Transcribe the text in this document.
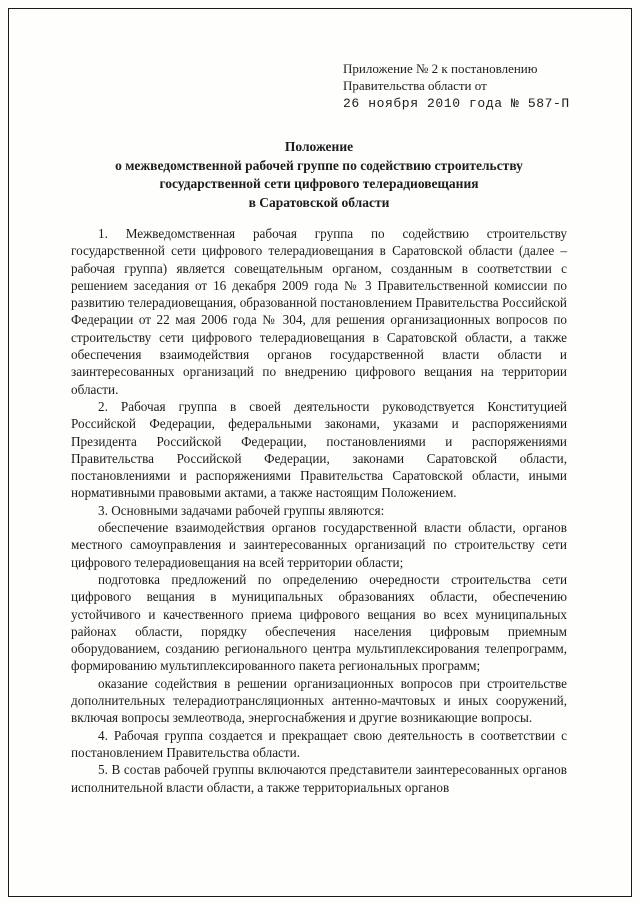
Приложение № 2 к постановлению
Правительства области от
26 ноября 2010 года № 587-П
Положение
о межведомственной рабочей группе по содействию строительству
государственной сети цифрового телерадиовещания
в Саратовской области

1. Межведомственная рабочая группа по содействию строительству государственной сети цифрового телерадиовещания в Саратовской области (далее – рабочая группа) является совещательным органом, созданным в соответствии с решением заседания от 16 декабря 2009 года № 3 Правительственной комиссии по развитию телерадиовещания, образованной постановлением Правительства Российской Федерации от 22 мая 2006 года № 304, для решения организационных вопросов по строительству сети цифрового телерадиовещания в Саратовской области, а также обеспечения взаимодействия органов государственной власти области и заинтересованных организаций по внедрению цифрового вещания на территории области.

2. Рабочая группа в своей деятельности руководствуется Конституцией Российской Федерации, федеральными законами, указами и распоряжениями Президента Российской Федерации, постановлениями и распоряжениями Правительства Российской Федерации, законами Саратовской области, постановлениями и распоряжениями Правительства Саратовской области, иными нормативными правовыми актами, а также настоящим Положением.

3. Основными задачами рабочей группы являются:

обеспечение взаимодействия органов государственной власти области, органов местного самоуправления и заинтересованных организаций по строительству сети цифрового телерадиовещания на всей территории области;

подготовка предложений по определению очередности строительства сети цифрового вещания в муниципальных образованиях области, обеспечению устойчивого и качественного приема цифрового вещания во всех муниципальных районах области, порядку обеспечения населения цифровым приемным оборудованием, созданию регионального центра мультиплексирования телепрограмм, формированию мультиплексированного пакета региональных программ;

оказание содействия в решении организационных вопросов при строительстве дополнительных телерадиотрансляционных антенно-мачтовых и иных сооружений, включая вопросы землеотвода, энергоснабжения и другие возникающие вопросы.

4. Рабочая группа создается и прекращает свою деятельность в соответствии с постановлением Правительства области.

5. В состав рабочей группы включаются представители заинтересованных органов исполнительной власти области, а также территориальных органов
